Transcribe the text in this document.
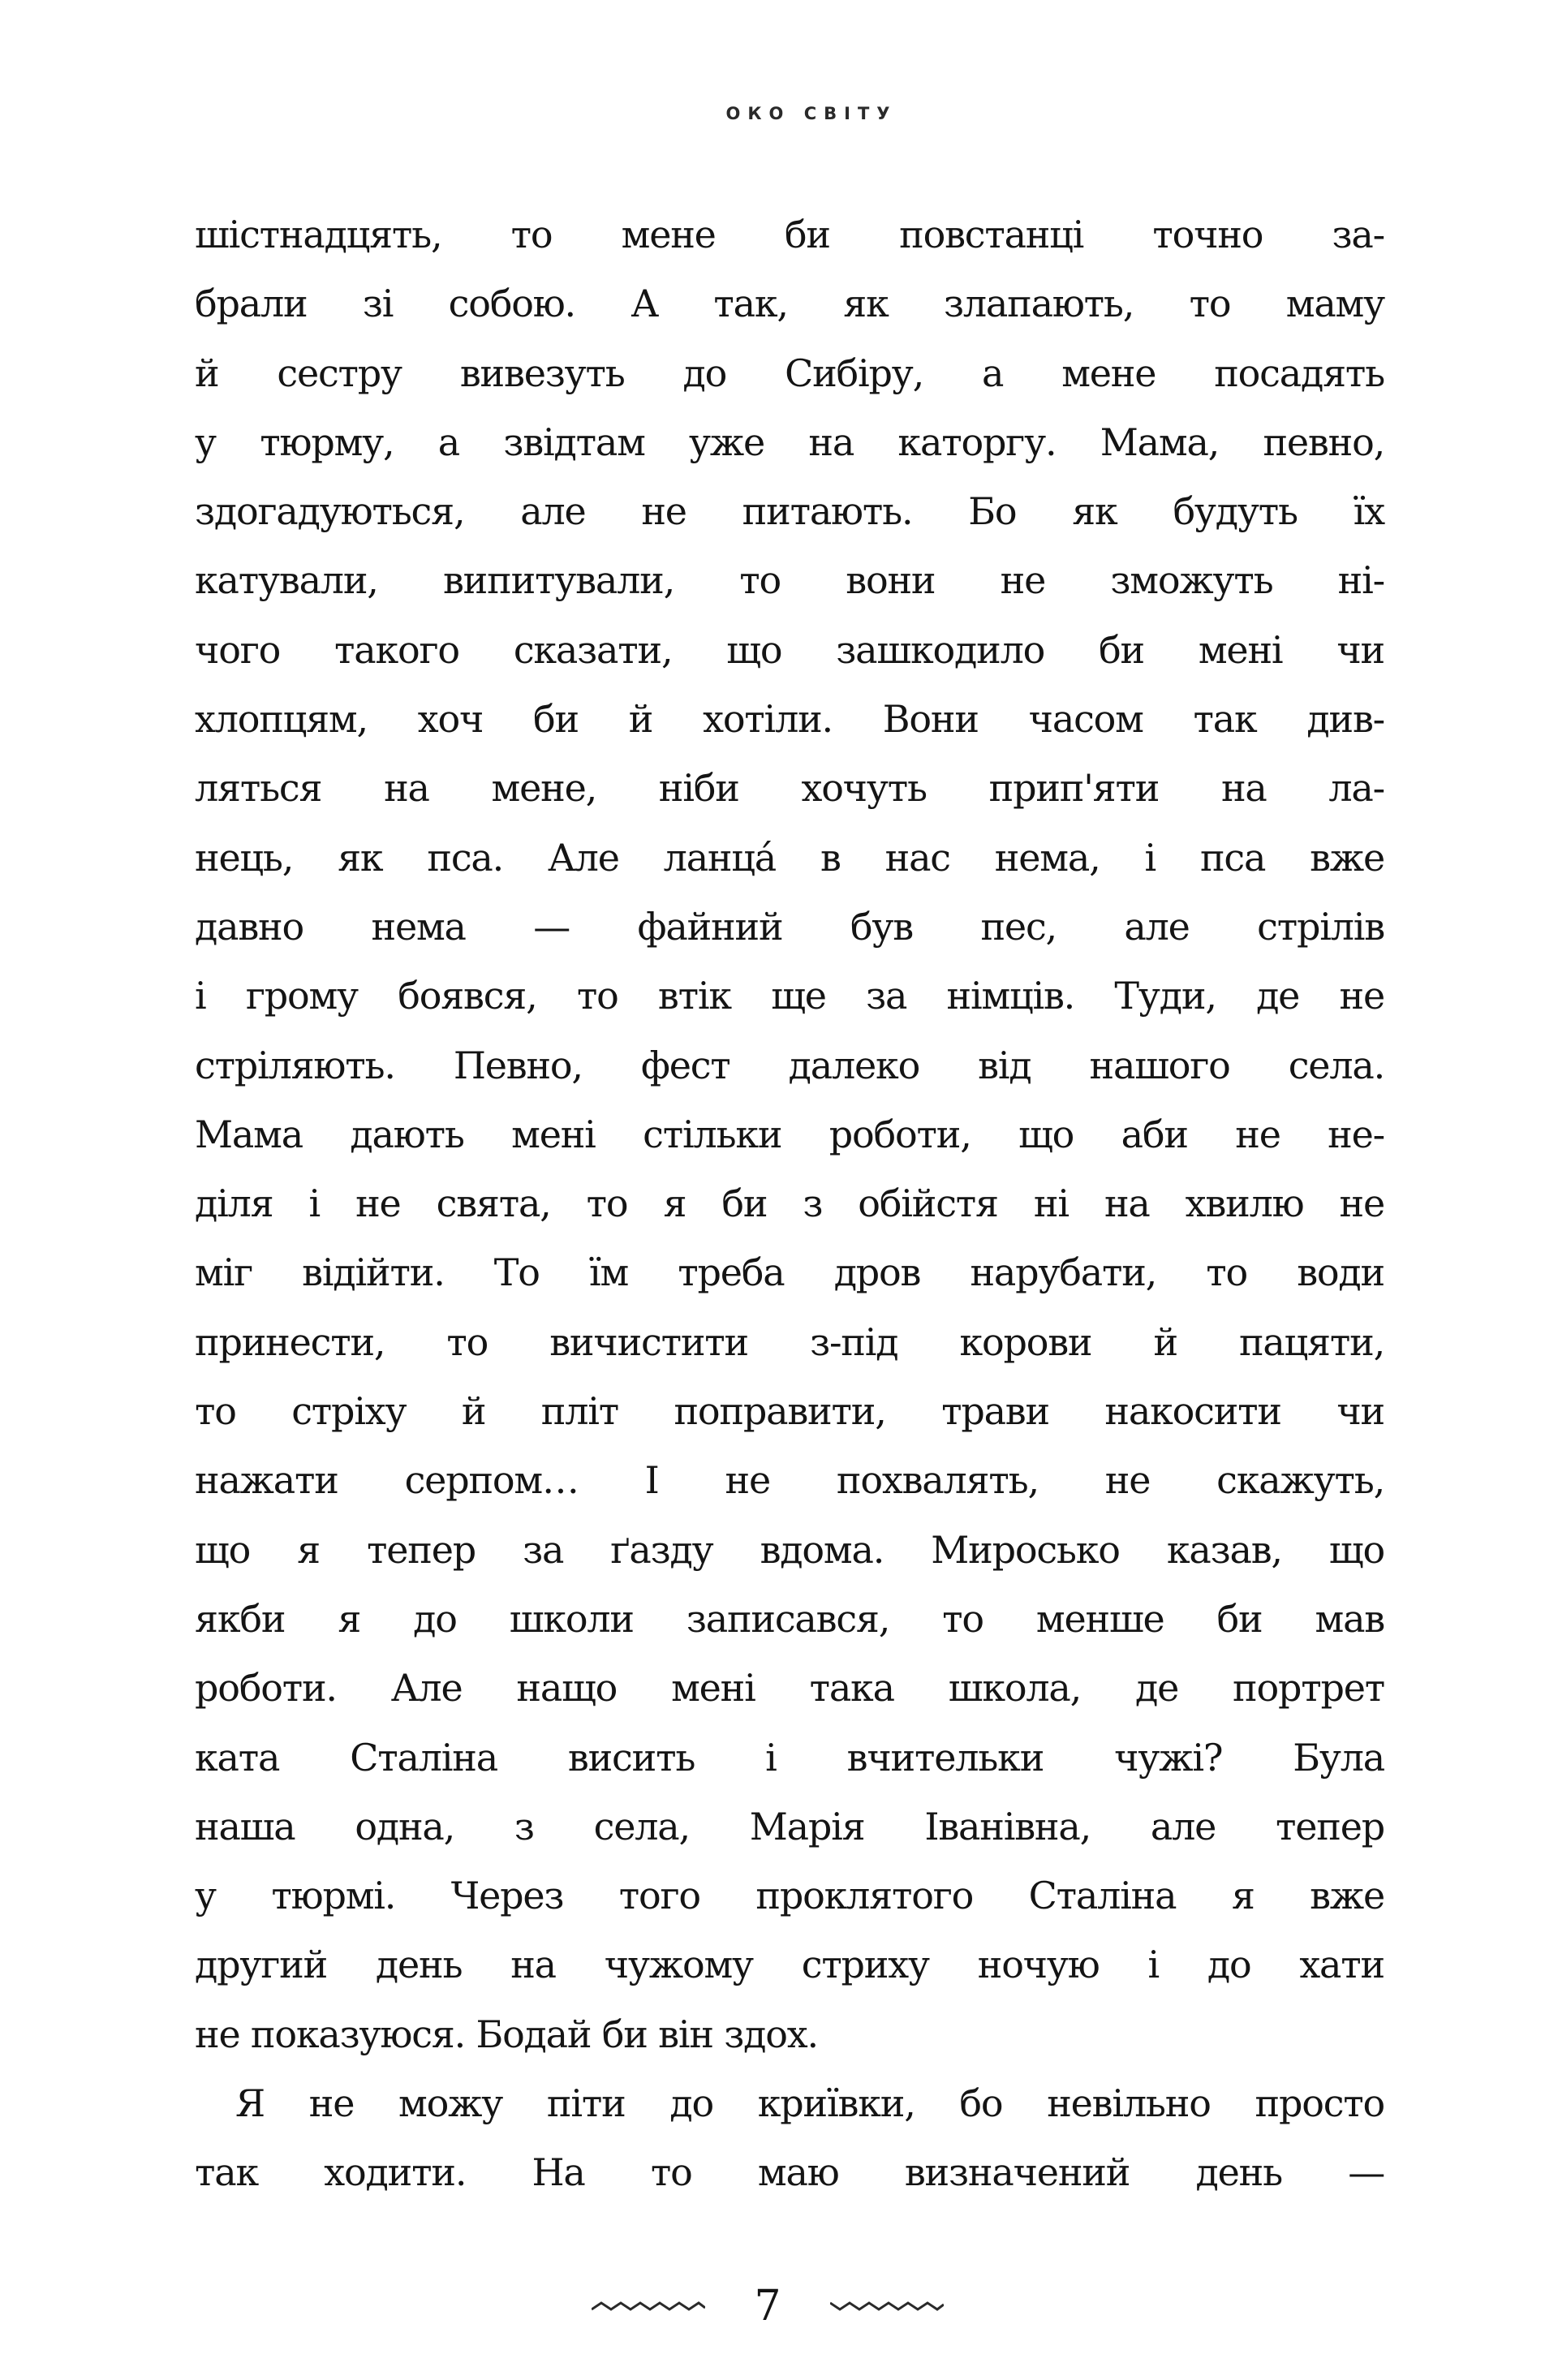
ОКО СВІТУ
шістнадцять, то мене би повстанці точно за-
брали зі собою. А так, як злапають, то маму
й сестру вивезуть до Сибіру, а мене посадять
у тюрму, а звідтам уже на каторгу. Мама, певно,
здогадуються, але не питають. Бо як будуть їх
катували, випитували, то вони не зможуть ні-
чого такого сказати, що зашкодило би мені чи
хлопцям, хоч би й хотіли. Вони часом так див-
ляться на мене, ніби хочуть прип'яти на ла-
нець, як пса. Але ланцá в нас нема, і пса вже
давно нема — файний був пес, але стрілів
і грому боявся, то втік ще за німців. Туди, де не
стріляють. Певно, фест далеко від нашого села.
Мама дають мені стільки роботи, що аби не не-
діля і не свята, то я би з обійстя ні на хвилю не
міг відійти. То їм треба дров нарубати, то води
принести, то вичистити з-під корови й пацяти,
то стріху й пліт поправити, трави накосити чи
нажати серпом… І не похвалять, не скажуть,
що я тепер за ґазду вдома. Миросько казав, що
якби я до школи записався, то менше би мав
роботи. Але нащо мені така школа, де портрет
ката Сталіна висить і вчительки чужі? Була
наша одна, з села, Марія Іванівна, але тепер
у тюрмі. Через того проклятого Сталіна я вже
другий день на чужому стриху ночую і до хати
не показуюся. Бодай би він здох.
Я не можу піти до криївки, бо невільно просто
так ходити. На то маю визначений день —
7
